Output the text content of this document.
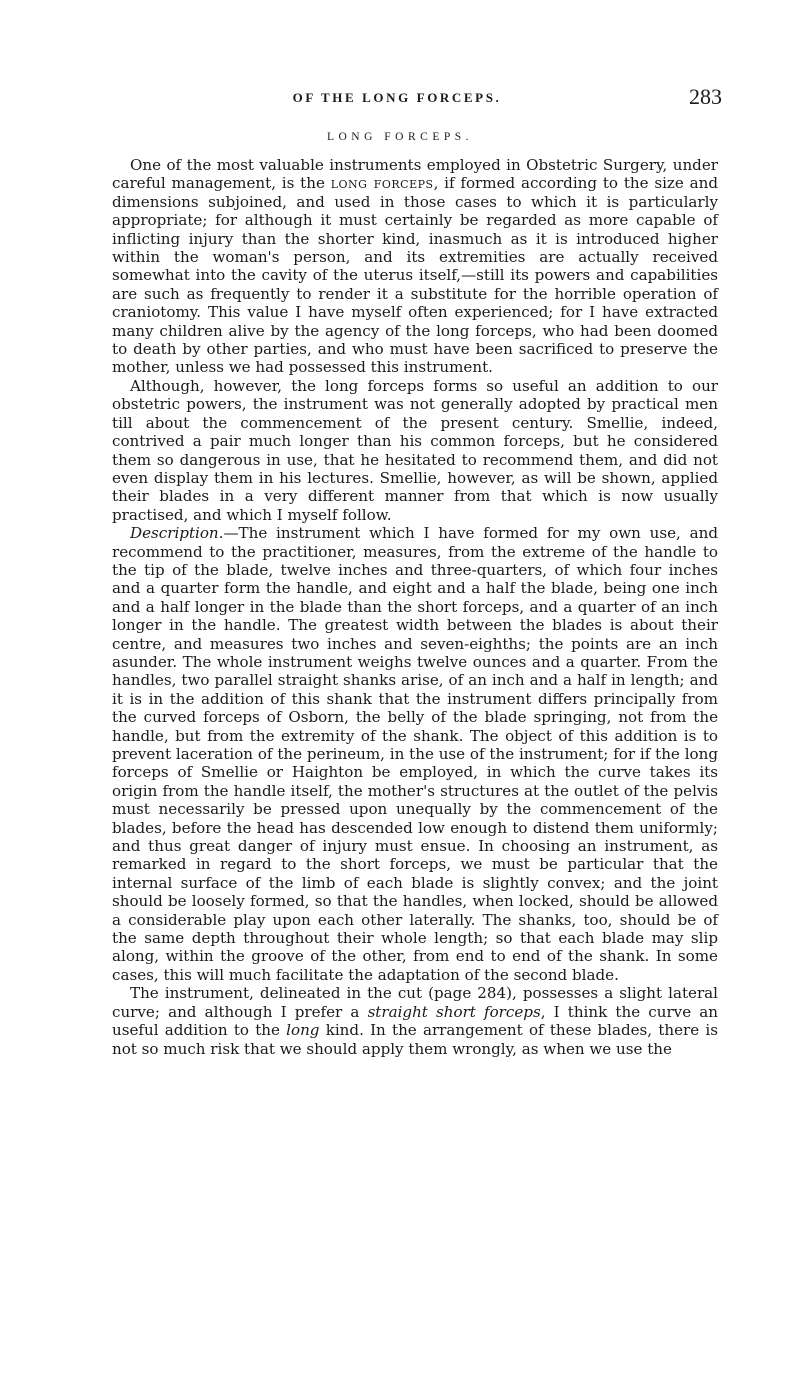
OF THE LONG FORCEPS.	283
LONG FORCEPS.

One of the most valuable instruments employed in Obstetric Surgery, under careful management, is the long forceps, if formed according to the size and dimensions subjoined, and used in those cases to which it is particularly appropriate; for although it must certainly be regarded as more capable of inflicting injury than the shorter kind, inasmuch as it is introduced higher within the woman's person, and its extremities are actually received somewhat into the cavity of the uterus itself,—still its powers and capabilities are such as frequently to render it a substitute for the horrible operation of craniotomy. This value I have myself often experienced; for I have extracted many children alive by the agency of the long forceps, who had been doomed to death by other parties, and who must have been sacrificed to preserve the mother, unless we had possessed this instrument.

Although, however, the long forceps forms so useful an addition to our obstetric powers, the instrument was not generally adopted by practical men till about the commencement of the present century. Smellie, indeed, contrived a pair much longer than his common forceps, but he considered them so dangerous in use, that he hesitated to recommend them, and did not even display them in his lectures. Smellie, however, as will be shown, applied their blades in a very different manner from that which is now usually practised, and which I myself follow.

Description.—The instrument which I have formed for my own use, and recommend to the practitioner, measures, from the extreme of the handle to the tip of the blade, twelve inches and three-quarters, of which four inches and a quarter form the handle, and eight and a half the blade, being one inch and a half longer in the blade than the short forceps, and a quarter of an inch longer in the handle. The greatest width between the blades is about their centre, and measures two inches and seven-eighths; the points are an inch asunder. The whole instrument weighs twelve ounces and a quarter. From the handles, two parallel straight shanks arise, of an inch and a half in length; and it is in the addition of this shank that the instrument differs principally from the curved forceps of Osborn, the belly of the blade springing, not from the handle, but from the extremity of the shank. The object of this addition is to prevent laceration of the perineum, in the use of the instrument; for if the long forceps of Smellie or Haighton be employed, in which the curve takes its origin from the handle itself, the mother's structures at the outlet of the pelvis must necessarily be pressed upon unequally by the commencement of the blades, before the head has descended low enough to distend them uniformly; and thus great danger of injury must ensue. In choosing an instrument, as remarked in regard to the short forceps, we must be particular that the internal surface of the limb of each blade is slightly convex; and the joint should be loosely formed, so that the handles, when locked, should be allowed a considerable play upon each other laterally. The shanks, too, should be of the same depth throughout their whole length; so that each blade may slip along, within the groove of the other, from end to end of the shank. In some cases, this will much facilitate the adaptation of the second blade.

The instrument, delineated in the cut (page 284), possesses a slight lateral curve; and although I prefer a straight short forceps, I think the curve an useful addition to the long kind. In the arrangement of these blades, there is not so much risk that we should apply them wrongly, as when we use the
